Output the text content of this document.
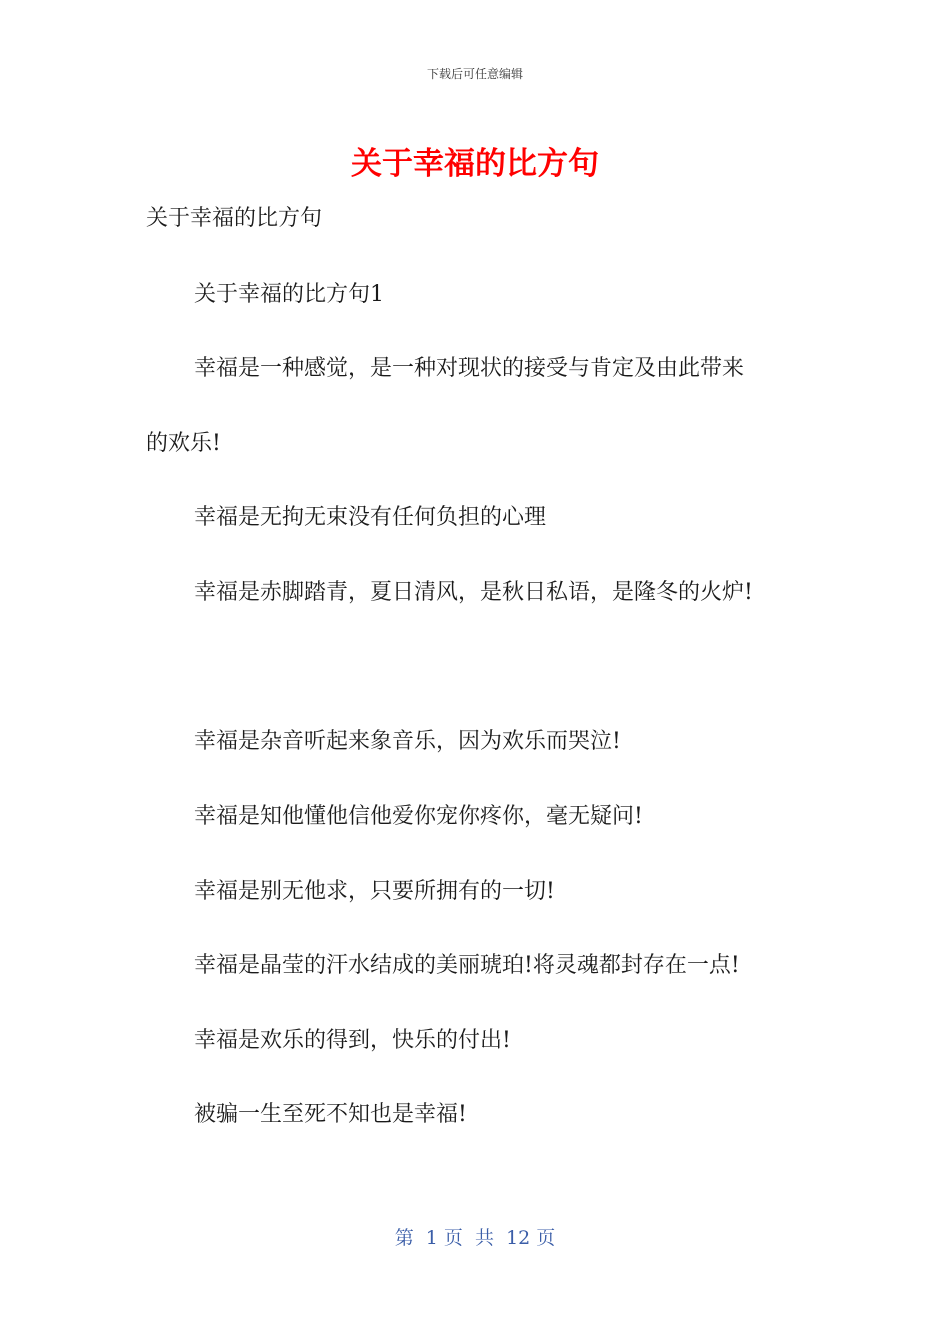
下载后可任意编辑
关于幸福的比方句
关于幸福的比方句
关于幸福的比方句1
幸福是一种感觉，是一种对现状的接受与肯定及由此带来
的欢乐!
幸福是无拘无束没有任何负担的心理
幸福是赤脚踏青，夏日清风，是秋日私语，是隆冬的火炉!
幸福是杂音听起来象音乐，因为欢乐而哭泣!
幸福是知他懂他信他爱你宠你疼你，毫无疑问!
幸福是别无他求，只要所拥有的一切!
幸福是晶莹的汗水结成的美丽琥珀!将灵魂都封存在一点!
幸福是欢乐的得到，快乐的付出!
被骗一生至死不知也是幸福!
第  1 页  共  12 页
